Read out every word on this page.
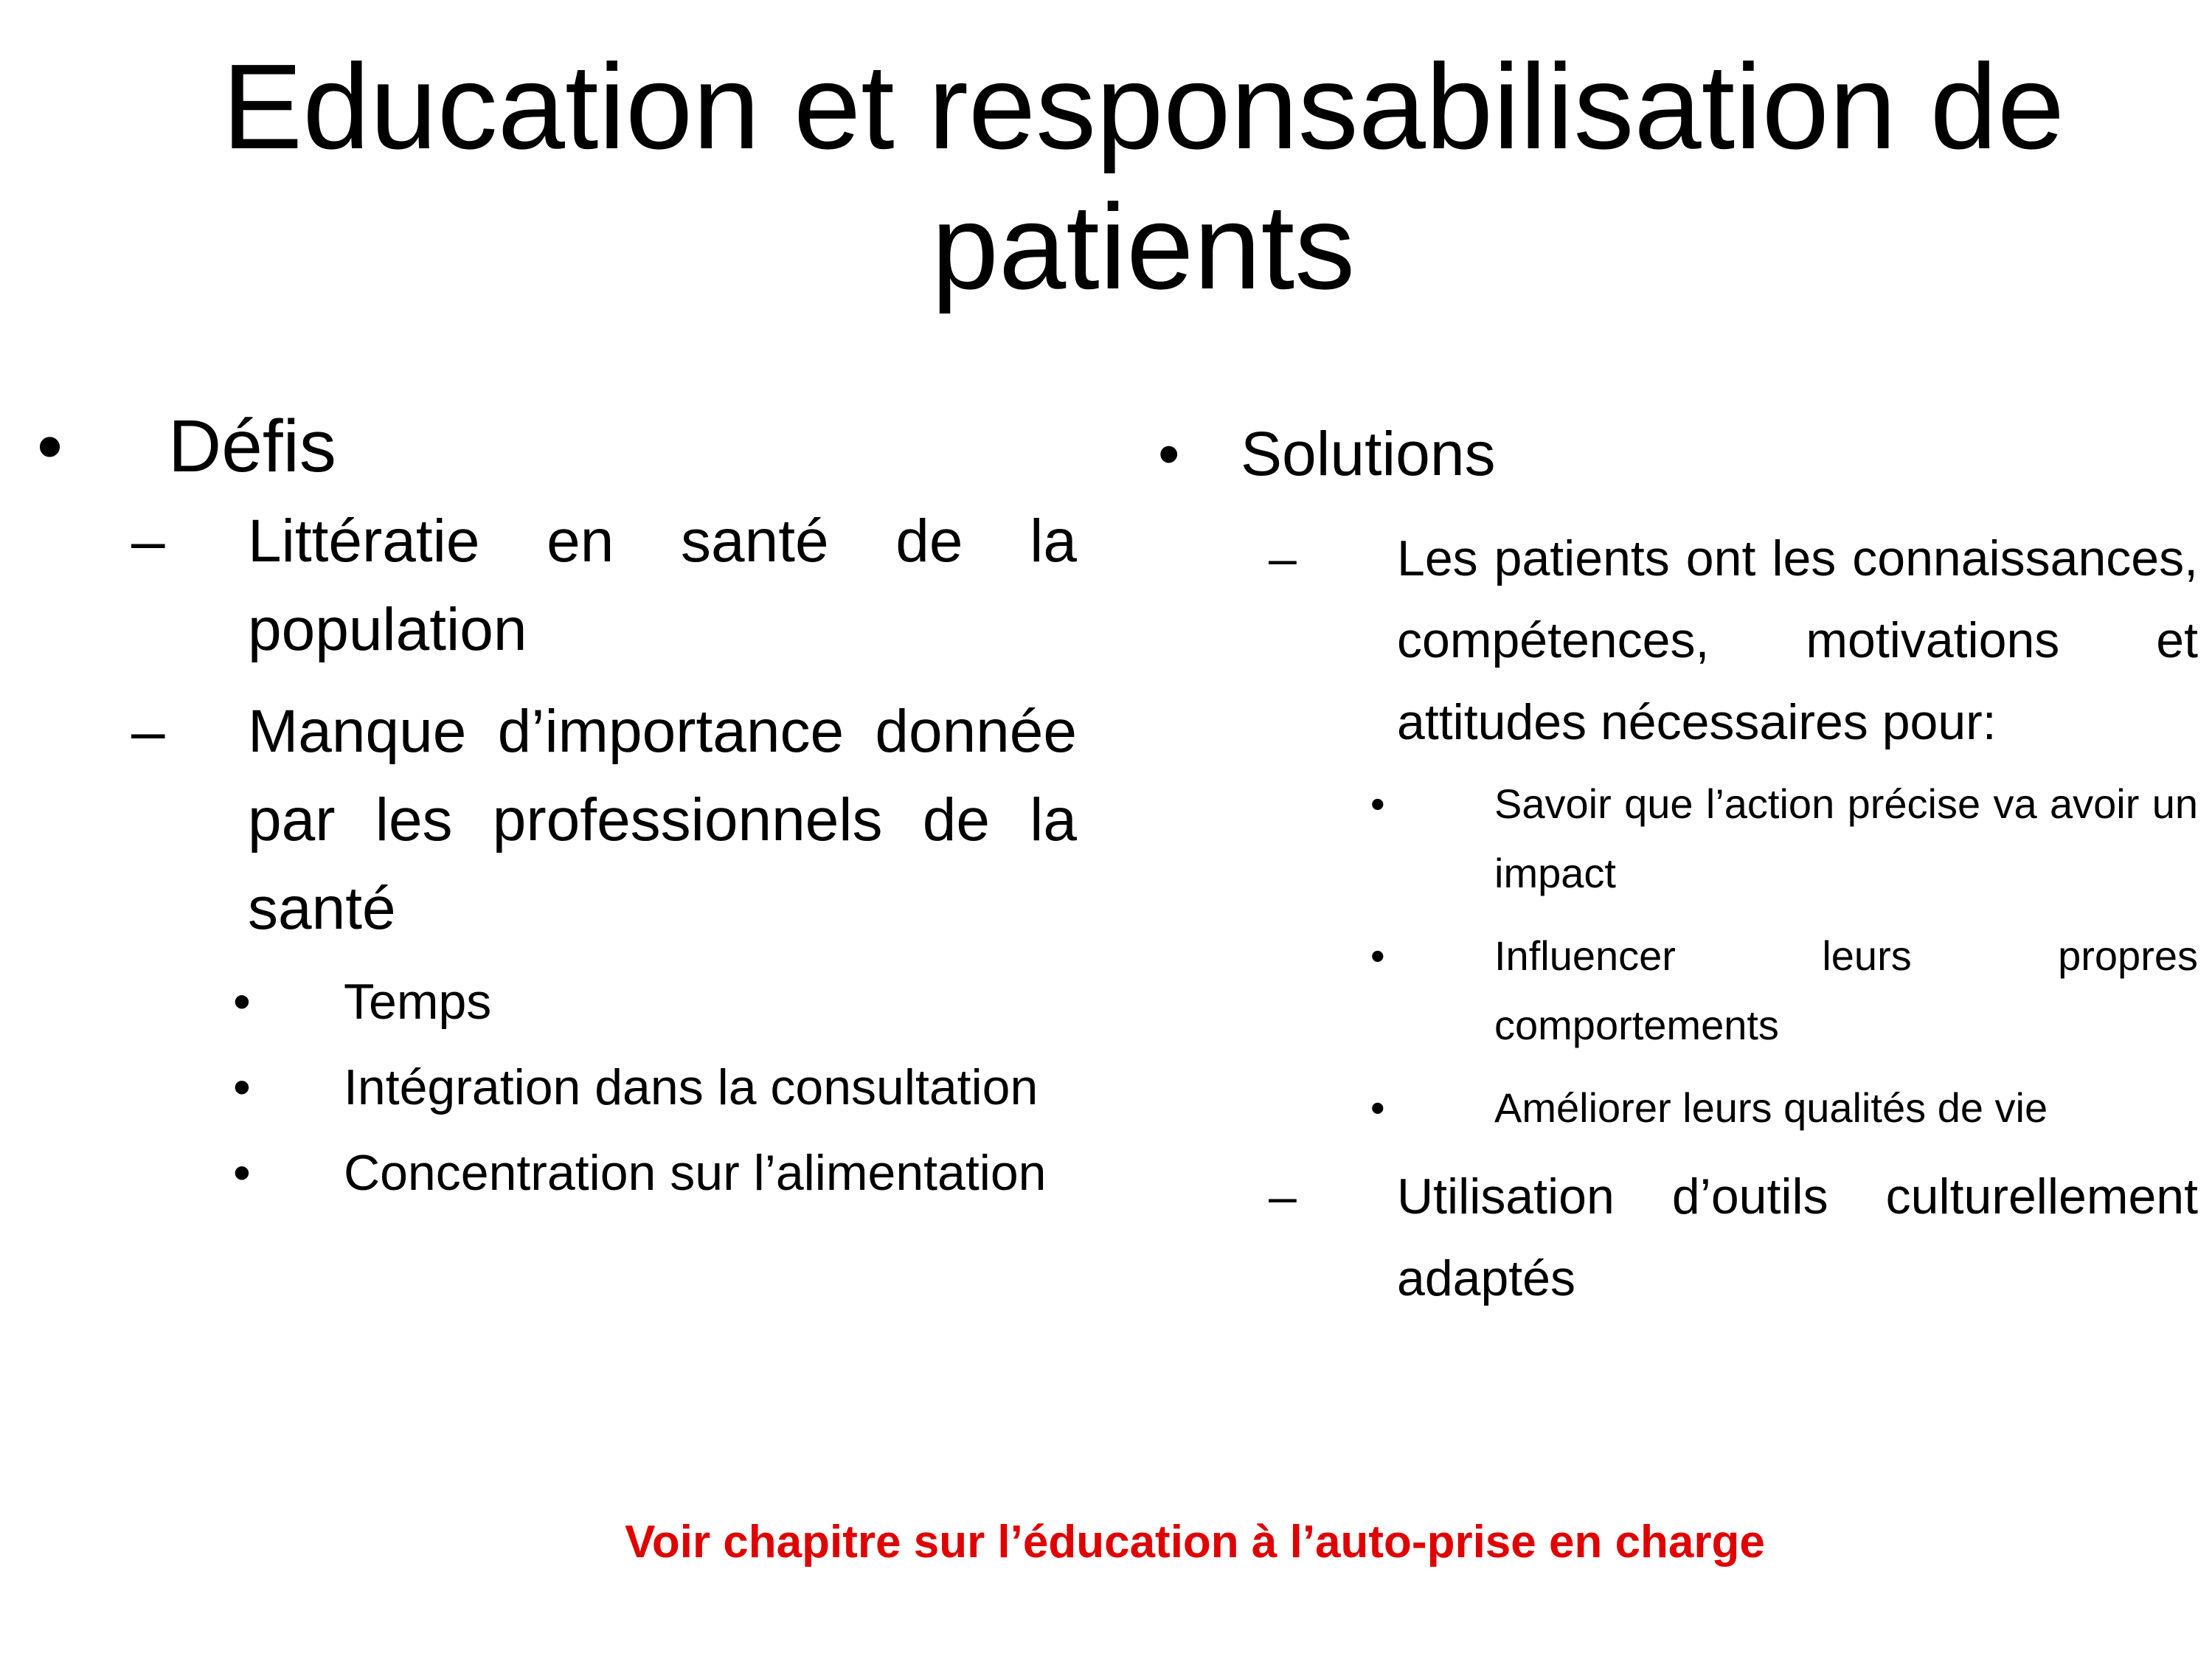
Education et responsabilisation de patients
• Défis
– Littératie en santé de la population
– Manque d’importance donnée par les professionnels de la santé
• Temps
• Intégration dans la consultation
• Concentration sur l’alimentation
• Solutions
– Les patients ont les connaissances, compétences, motivations et attitudes nécessaires pour:
•	Savoir que l’action précise va avoir un impact
•	Influencer leurs propres comportements
•	Améliorer leurs qualités de vie
– Utilisation d’outils culturellement adaptés
Voir chapitre sur l’éducation à l’auto-prise en charge
